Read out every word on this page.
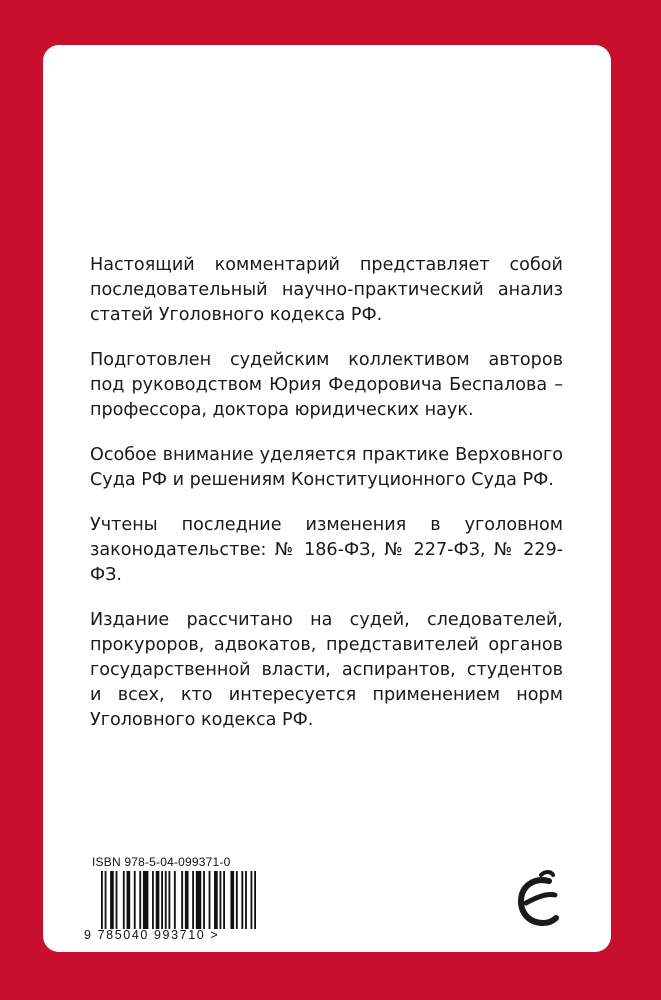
Настоящий комментарий представляет собой последовательный научно-практический анализ статей Уголовного кодекса РФ.

Подготовлен судейским коллективом авторов под руководством Юрия Федоровича Беспалова – профессора, доктора юридических наук.

Особое внимание уделяется практике Верховного Суда РФ и решениям Конституционного Суда РФ.

Учтены последние изменения в уголовном законодательстве: № 186-ФЗ, № 227-ФЗ, № 229-ФЗ.

Издание рассчитано на судей, следователей, прокуроров, адвокатов, представителей органов государственной власти, аспирантов, студентов и всех, кто интересуется применением норм Уголовного кодекса РФ.

ISBN 978-5-04-099371-0
9 785040 993710 >
